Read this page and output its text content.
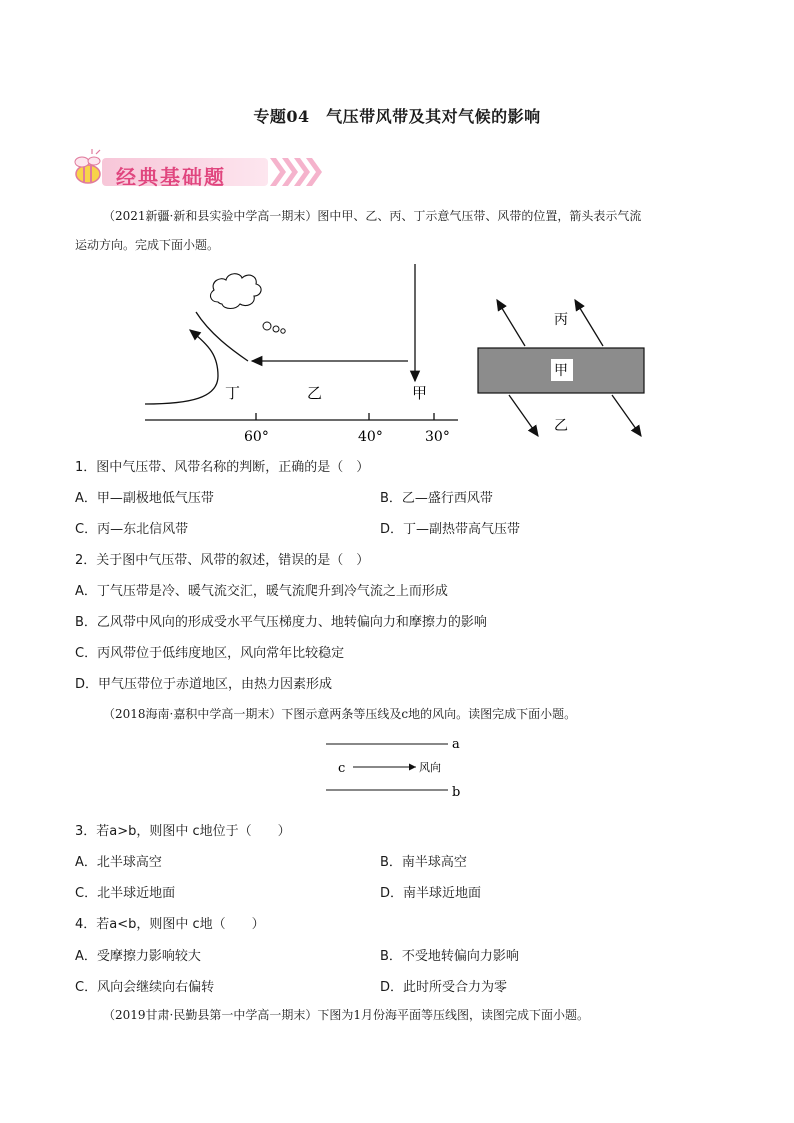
专题04　气压带风带及其对气候的影响
经典基础题
（2021新疆·新和县实验中学高一期末）图中甲、乙、丙、丁示意气压带、风带的位置，箭头表示气流
运动方向。完成下面小题。
丁	乙	甲
60°	40°	30°
甲
丙
乙
1．图中气压带、风带名称的判断，正确的是（　）
A．甲—副极地低气压带	B．乙—盛行西风带
C．丙—东北信风带	D．丁—副热带高气压带
2．关于图中气压带、风带的叙述，错误的是（　）
A．丁气压带是冷、暖气流交汇，暖气流爬升到冷气流之上而形成
B．乙风带中风向的形成受水平气压梯度力、地转偏向力和摩擦力的影响
C．丙风带位于低纬度地区，风向常年比较稳定
D．甲气压带位于赤道地区，由热力因素形成
（2018海南·嘉积中学高一期末）下图示意两条等压线及c地的风向。读图完成下面小题。
a
b
c	风向
3．若a>b，则图中 c地位于（　　）
A．北半球高空	B．南半球高空
C．北半球近地面	D．南半球近地面
4．若a<b，则图中 c地（　　）
A．受摩擦力影响较大	B．不受地转偏向力影响
C．风向会继续向右偏转	D．此时所受合力为零
（2019甘肃·民勤县第一中学高一期末）下图为1月份海平面等压线图，读图完成下面小题。
